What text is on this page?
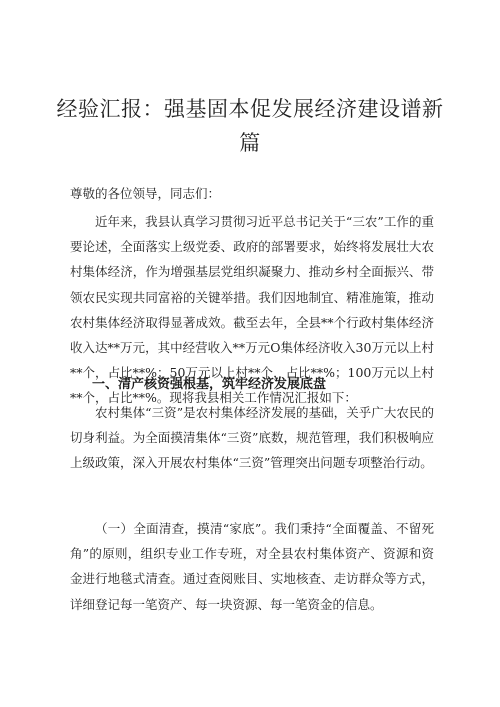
经验汇报：强基固本促发展经济建设谱新篇
尊敬的各位领导，同志们：

近年来，我县认真学习贯彻习近平总书记关于“三农”工作的重要论述，全面落实上级党委、政府的部署要求，始终将发展壮大农村集体经济，作为增强基层党组织凝聚力、推动乡村全面振兴、带领农民实现共同富裕的关键举措。我们因地制宜、精准施策，推动农村集体经济取得显著成效。截至去年，全县**个行政村集体经济收入达**万元，其中经营收入**万元O集体经济收入30万元以上村**个，占比**%；50万元以上村**个，占比**%；100万元以上村**个，占比**%。现将我县相关工作情况汇报如下：

一、清产核资强根基，筑牢经济发展底盘

农村集体“三资”是农村集体经济发展的基础，关乎广大农民的切身利益。为全面摸清集体“三资”底数，规范管理，我们积极响应上级政策，深入开展农村集体“三资”管理突出问题专项整治行动。

（一）全面清查，摸清“家底”。我们秉持“全面覆盖、不留死角”的原则，组织专业工作专班，对全县农村集体资产、资源和资金进行地毯式清查。通过查阅账目、实地核查、走访群众等方式，详细登记每一笔资产、每一块资源、每一笔资金的信息。
